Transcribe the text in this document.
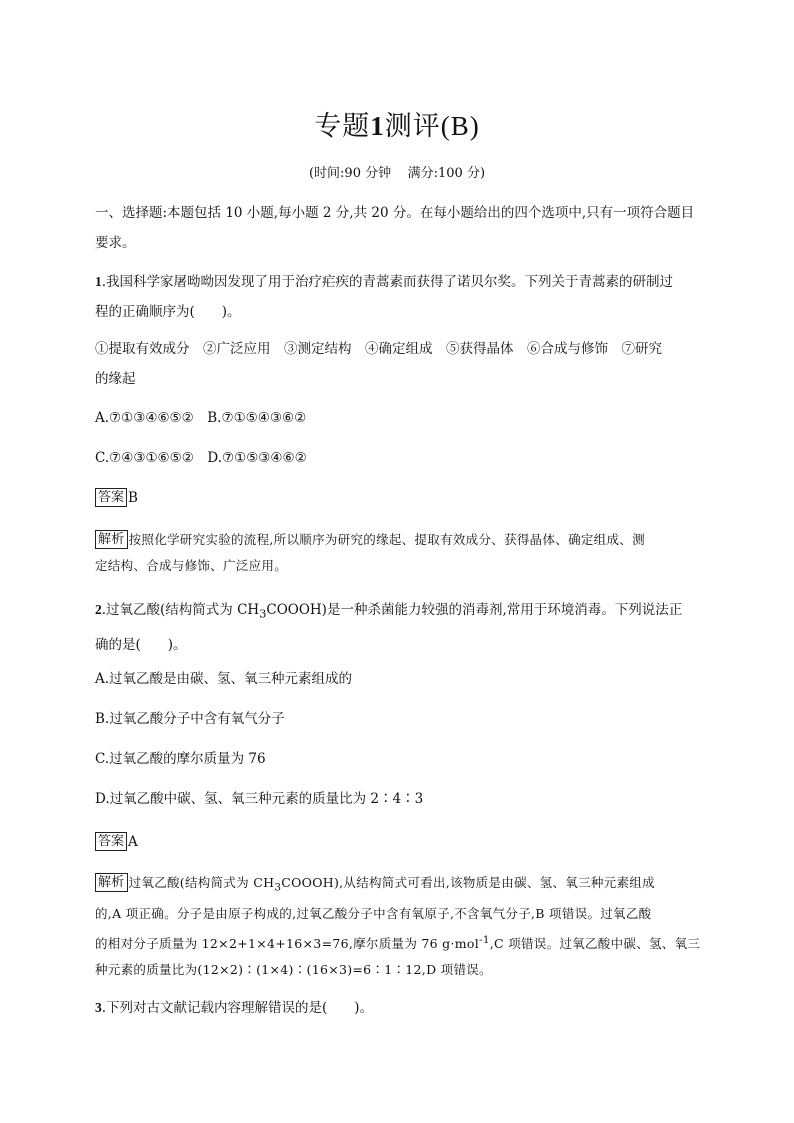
专题1测评(B)
(时间:90 分钟    满分:100 分)

一、选择题:本题包括 10 小题,每小题 2 分,共 20 分。在每小题给出的四个选项中,只有一项符合题目

要求。

1.我国科学家屠呦呦因发现了用于治疗疟疾的青蒿素而获得了诺贝尔奖。下列关于青蒿素的研制过

程的正确顺序为(　　)。

①提取有效成分　②广泛应用　③测定结构　④确定组成　⑤获得晶体　⑥合成与修饰　⑦研究

的缘起

A.⑦①③④⑥⑤②　B.⑦①⑤④③⑥②
C.⑦④③①⑥⑤②　D.⑦①⑤③④⑥②
答案 B

解析 按照化学研究实验的流程,所以顺序为研究的缘起、提取有效成分、获得晶体、确定组成、测

定结构、合成与修饰、广泛应用。

2.过氧乙酸(结构简式为 $CH_3COOOH$)是一种杀菌能力较强的消毒剂,常用于环境消毒。下列说法正

确的是(　　)。

A.过氧乙酸是由碳、氢、氧三种元素组成的
B.过氧乙酸分子中含有氧气分子
C.过氧乙酸的摩尔质量为 76
D.过氧乙酸中碳、氢、氧三种元素的质量比为 2∶4∶3
答案 A

解析 过氧乙酸(结构简式为 $CH_3COOOH$),从结构简式可看出,该物质是由碳、氢、氧三种元素组成

的,A 项正确。分子是由原子构成的,过氧乙酸分子中含有氧原子,不含氧气分子,B 项错误。过氧乙酸

的相对分子质量为 12×2+1×4+16×3=76,摩尔质量为 76 g·mol$^{-1}$,C 项错误。过氧乙酸中碳、氢、氧三

种元素的质量比为(12×2)∶(1×4)∶(16×3)=6∶1∶12,D 项错误。

3.下列对古文献记载内容理解错误的是(　　)。
